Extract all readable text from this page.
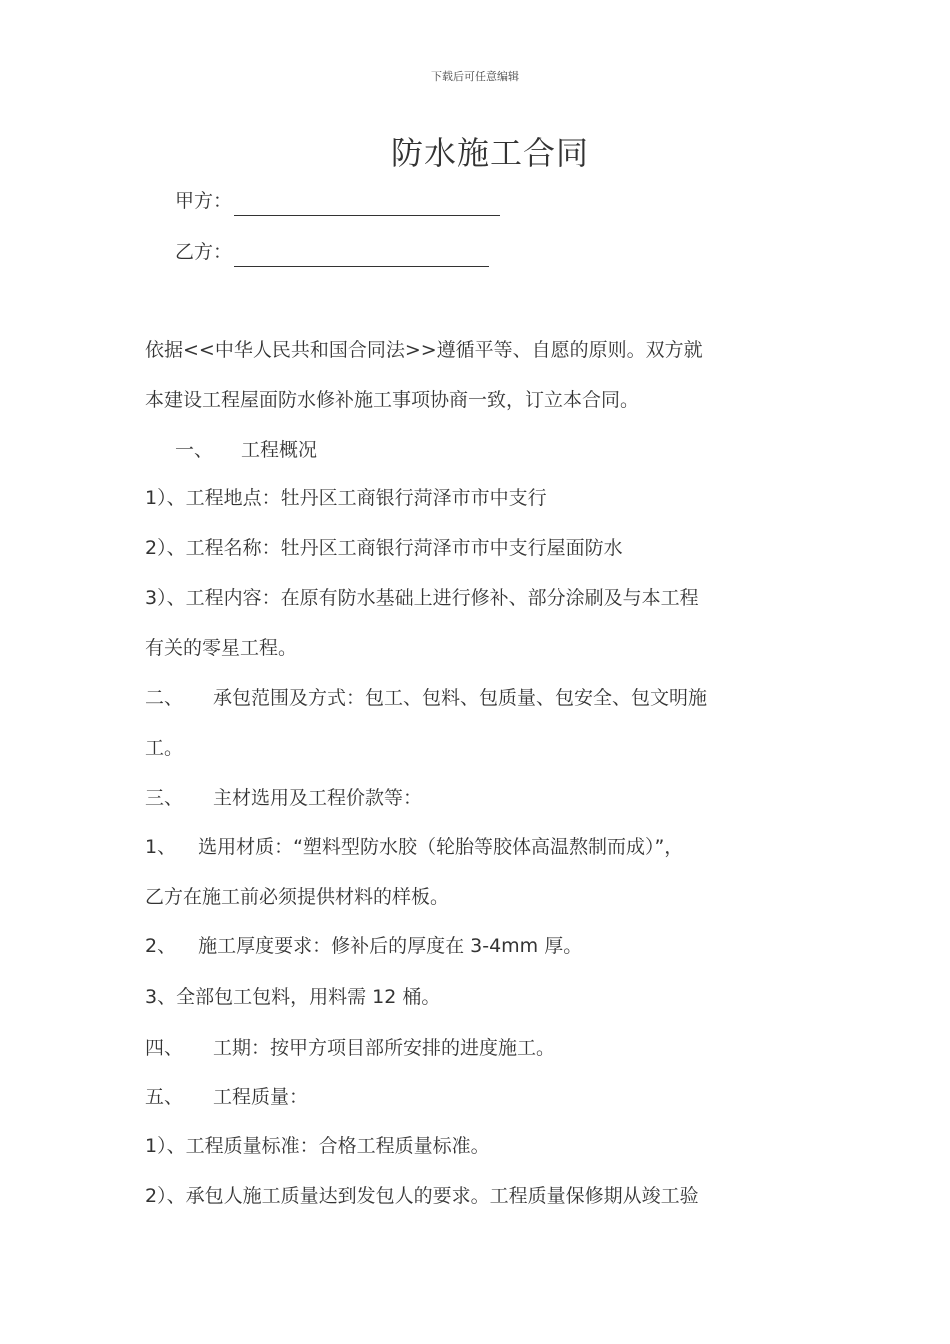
下载后可任意编辑
防水施工合同
甲方：
乙方：
依据<<中华人民共和国合同法>>遵循平等、自愿的原则。双方就
本建设工程屋面防水修补施工事项协商一致，订立本合同。
一、 工程概况
1）、工程地点：牡丹区工商银行菏泽市市中支行
2）、工程名称：牡丹区工商银行菏泽市市中支行屋面防水
3）、工程内容：在原有防水基础上进行修补、部分涂刷及与本工程
有关的零星工程。
二、 承包范围及方式：包工、包料、包质量、包安全、包文明施
工。
三、 主材选用及工程价款等：
1、 选用材质：“塑料型防水胶（轮胎等胶体高温熬制而成）”，
乙方在施工前必须提供材料的样板。
2、 施工厚度要求：修补后的厚度在 3-4mm 厚。
3、全部包工包料，用料需 12 桶。
四、 工期：按甲方项目部所安排的进度施工。
五、 工程质量：
1）、工程质量标准：合格工程质量标准。
2）、承包人施工质量达到发包人的要求。工程质量保修期从竣工验
